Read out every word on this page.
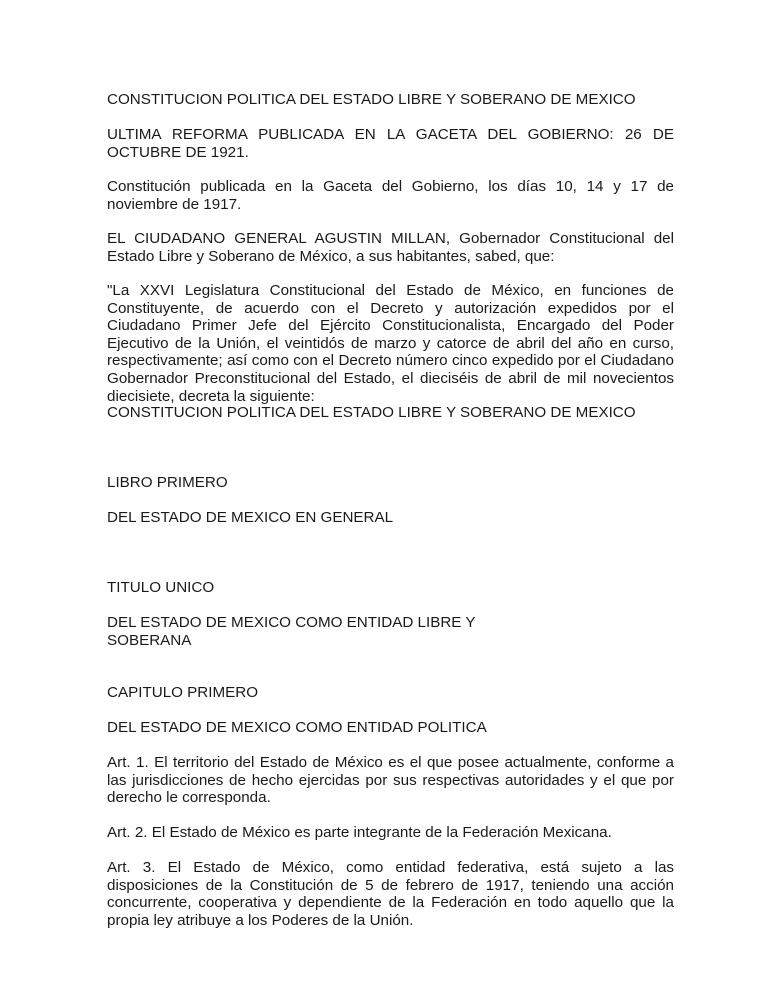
CONSTITUCION POLITICA DEL ESTADO LIBRE Y SOBERANO DE MEXICO

ULTIMA REFORMA PUBLICADA EN LA GACETA DEL GOBIERNO: 26 DE OCTUBRE DE 1921.

Constitución publicada en la Gaceta del Gobierno, los días 10, 14 y 17 de noviembre de 1917.

EL CIUDADANO GENERAL AGUSTIN MILLAN, Gobernador Constitucional del Estado Libre y Soberano de México, a sus habitantes, sabed, que:

"La XXVI Legislatura Constitucional del Estado de México, en funciones de Constituyente, de acuerdo con el Decreto y autorización expedidos por el Ciudadano Primer Jefe del Ejército Constitucionalista, Encargado del Poder Ejecutivo de la Unión, el veintidós de marzo y catorce de abril del año en curso, respectivamente; así como con el Decreto número cinco expedido por el Ciudadano Gobernador Preconstitucional del Estado, el dieciséis de abril de mil novecientos diecisiete, decreta la siguiente:

CONSTITUCION POLITICA DEL ESTADO LIBRE Y SOBERANO DE MEXICO

LIBRO PRIMERO

DEL ESTADO DE MEXICO EN GENERAL

TITULO UNICO

DEL ESTADO DE MEXICO COMO ENTIDAD LIBRE Y
SOBERANA

CAPITULO PRIMERO

DEL ESTADO DE MEXICO COMO ENTIDAD POLITICA

Art. 1. El territorio del Estado de México es el que posee actualmente, conforme a las jurisdicciones de hecho ejercidas por sus respectivas autoridades y el que por derecho le corresponda.

Art. 2. El Estado de México es parte integrante de la Federación Mexicana.

Art. 3. El Estado de México, como entidad federativa, está sujeto a las disposiciones de la Constitución de 5 de febrero de 1917, teniendo una acción concurrente, cooperativa y dependiente de la Federación en todo aquello que la propia ley atribuye a los Poderes de la Unión.
